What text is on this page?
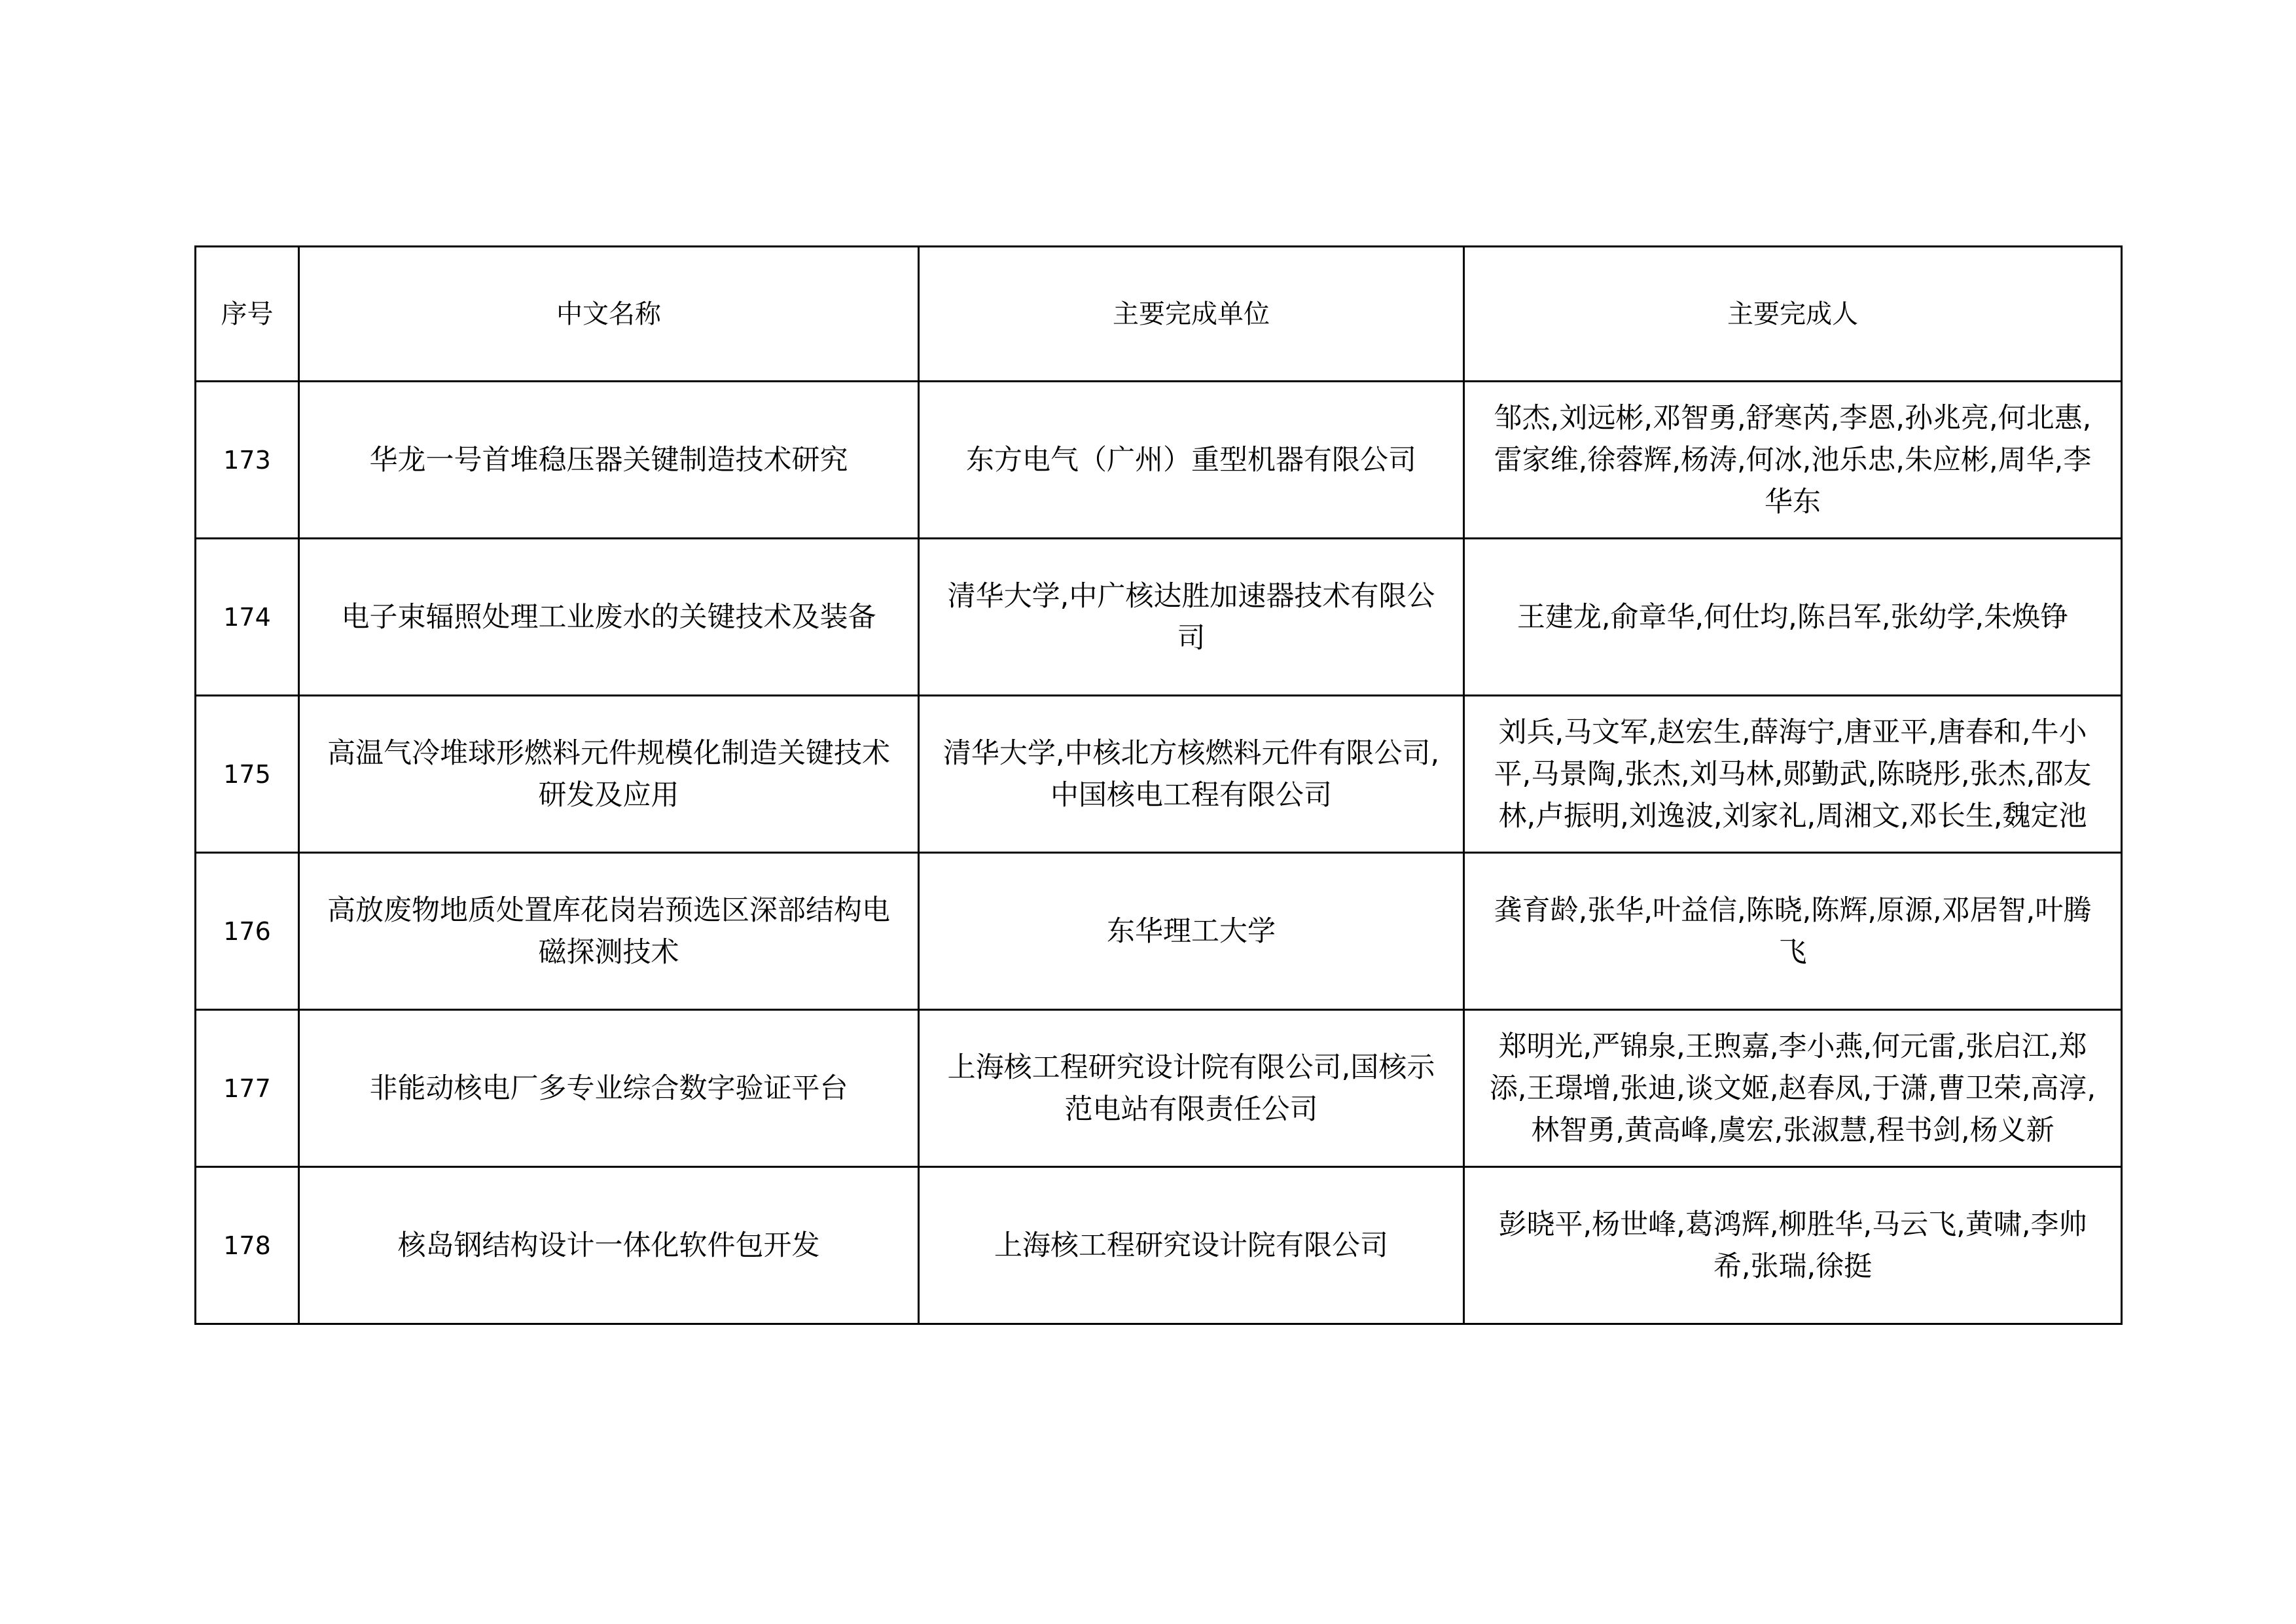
序号	中文名称	主要完成单位	主要完成人
173	华龙一号首堆稳压器关键制造技术研究	东方电气（广州）重型机器有限公司	邹杰,刘远彬,邓智勇,舒寒芮,李恩,孙兆亮,何北惠,雷家维,徐蓉辉,杨涛,何冰,池乐忠,朱应彬,周华,李华东
174	电子束辐照处理工业废水的关键技术及装备	清华大学,中广核达胜加速器技术有限公司	王建龙,俞章华,何仕均,陈吕军,张幼学,朱焕铮
175	高温气冷堆球形燃料元件规模化制造关键技术研发及应用	清华大学,中核北方核燃料元件有限公司,中国核电工程有限公司	刘兵,马文军,赵宏生,薛海宁,唐亚平,唐春和,牛小平,马景陶,张杰,刘马林,郧勤武,陈晓彤,张杰,邵友林,卢振明,刘逸波,刘家礼,周湘文,邓长生,魏定池
176	高放废物地质处置库花岗岩预选区深部结构电磁探测技术	东华理工大学	龚育龄,张华,叶益信,陈晓,陈辉,原源,邓居智,叶腾飞
177	非能动核电厂多专业综合数字验证平台	上海核工程研究设计院有限公司,国核示范电站有限责任公司	郑明光,严锦泉,王煦嘉,李小燕,何元雷,张启江,郑添,王璟增,张迪,谈文姬,赵春凤,于潇,曹卫荣,高淳,林智勇,黄高峰,虞宏,张淑慧,程书剑,杨义新
178	核岛钢结构设计一体化软件包开发	上海核工程研究设计院有限公司	彭晓平,杨世峰,葛鸿辉,柳胜华,马云飞,黄啸,李帅希,张瑞,徐挺
